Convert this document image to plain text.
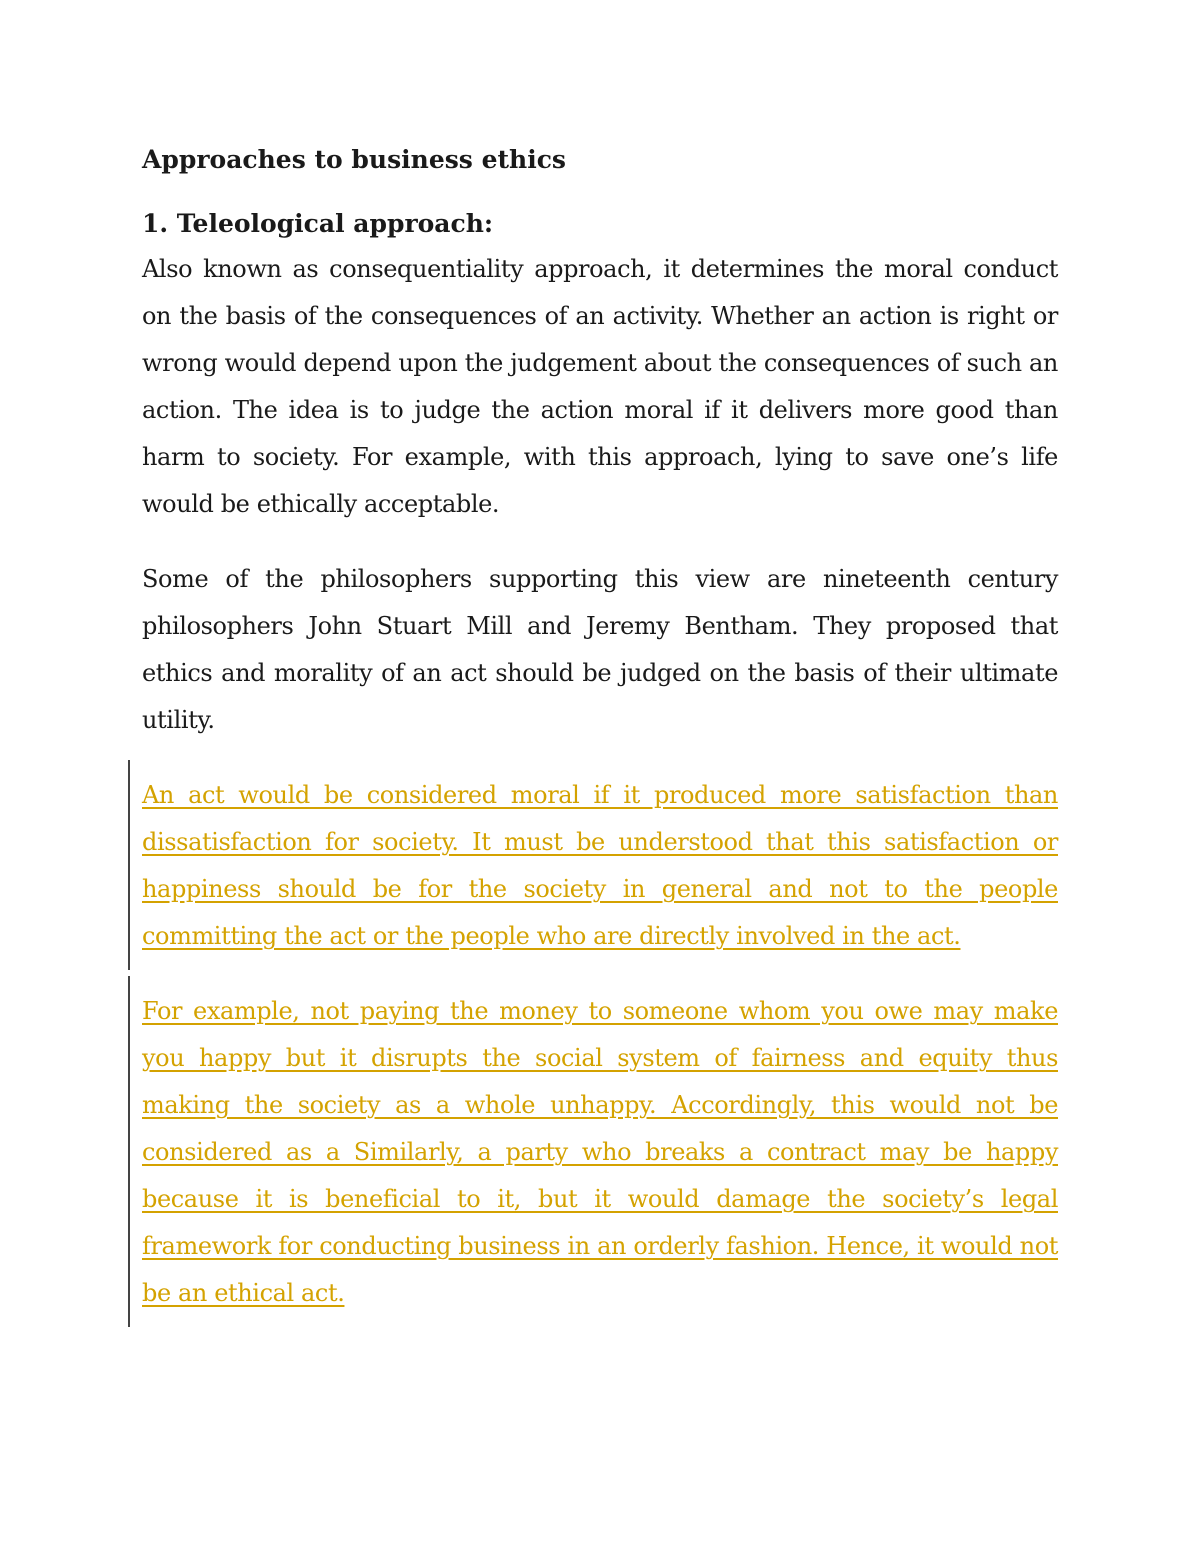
Approaches to business ethics
1. Teleological approach:

Also known as consequentiality approach, it determines the moral conduct on the basis of the consequences of an activity. Whether an action is right or wrong would depend upon the judgement about the consequences of such an action. The idea is to judge the action moral if it delivers more good than harm to society. For example, with this approach, lying to save one’s life would be ethically acceptable.

Some of the philosophers supporting this view are nineteenth century philosophers John Stuart Mill and Jeremy Bentham. They proposed that ethics and morality of an act should be judged on the basis of their ultimate utility.

An act would be considered moral if it produced more satisfaction than dissatisfaction for society. It must be understood that this satisfaction or happiness should be for the society in general and not to the people committing the act or the people who are directly involved in the act.
For example, not paying the money to someone whom you owe may make you happy but it disrupts the social system of fairness and equity thus making the society as a whole unhappy. Accordingly, this would not be considered as a Similarly, a party who breaks a contract may be happy because it is beneficial to it, but it would damage the society’s legal framework for conducting business in an orderly fashion. Hence, it would not be an ethical act.
